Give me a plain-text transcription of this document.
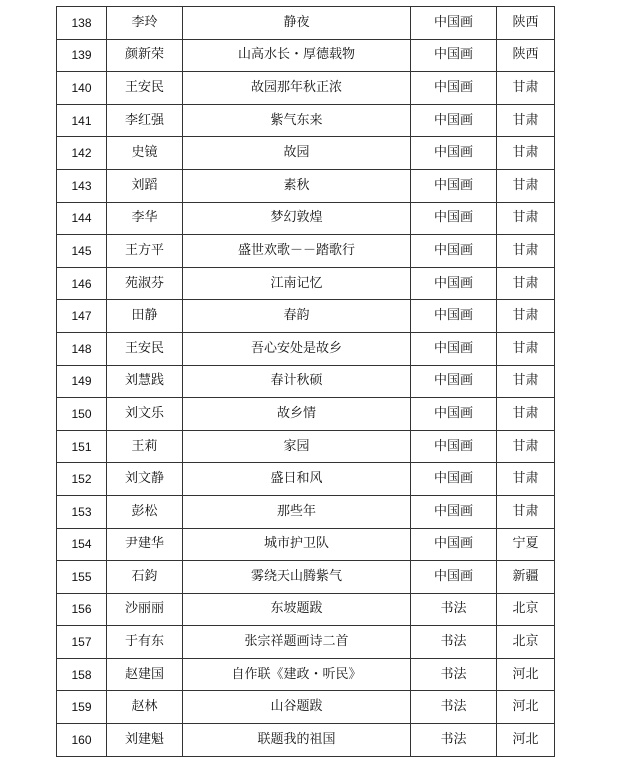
138	李玲	静夜	中国画	陕西
139	颜新荣	山高水长・厚德载物	中国画	陕西
140	王安民	故园那年秋正浓	中国画	甘肃
141	李红强	紫气东来	中国画	甘肃
142	史镜	故园	中国画	甘肃
143	刘蹈	素秋	中国画	甘肃
144	李华	梦幻敦煌	中国画	甘肃
145	王方平	盛世欢歌－－踏歌行	中国画	甘肃
146	苑淑芬	江南记忆	中国画	甘肃
147	田静	春韵	中国画	甘肃
148	王安民	吾心安处是故乡	中国画	甘肃
149	刘慧践	春计秋硕	中国画	甘肃
150	刘文乐	故乡情	中国画	甘肃
151	王莉	家园	中国画	甘肃
152	刘文静	盛日和风	中国画	甘肃
153	彭松	那些年	中国画	甘肃
154	尹建华	城市护卫队	中国画	宁夏
155	石鈞	雾绕天山腾紫气	中国画	新疆
156	沙丽丽	东坡题跋	书法	北京
157	于有东	张宗祥题画诗二首	书法	北京
158	赵建国	自作联《建政・听民》	书法	河北
159	赵林	山谷题跋	书法	河北
160	刘建魁	联题我的祖国	书法	河北
